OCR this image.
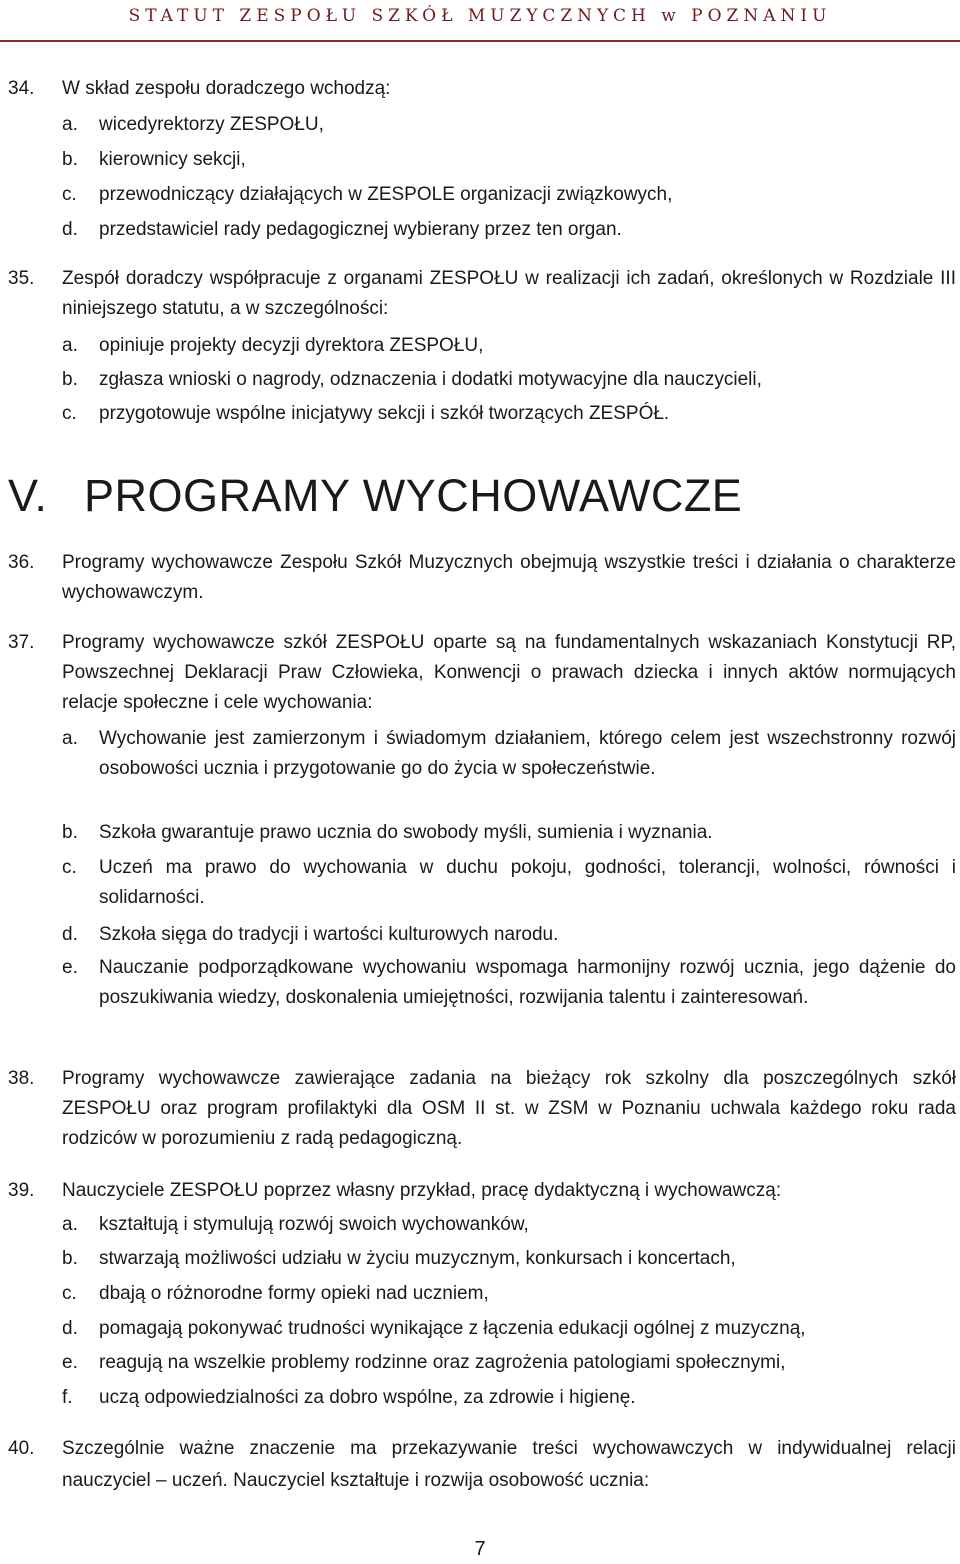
STATUT ZESPOŁU SZKÓŁ MUZYCZNYCH w POZNANIU
34. W skład zespołu doradczego wchodzą:
a. wicedyrektorzy ZESPOŁU,
b. kierownicy sekcji,
c. przewodniczący działających w ZESPOLE organizacji związkowych,
d. przedstawiciel rady pedagogicznej wybierany przez ten organ.
35. Zespół doradczy współpracuje z organami ZESPOŁU w realizacji ich zadań, określonych w Rozdziale III niniejszego statutu, a w szczególności:
a. opiniuje projekty decyzji dyrektora ZESPOŁU,
b. zgłasza wnioski o nagrody, odznaczenia i dodatki motywacyjne dla nauczycieli,
c. przygotowuje wspólne inicjatywy sekcji i szkół tworzących ZESPÓŁ.
V. PROGRAMY WYCHOWAWCZE
36. Programy wychowawcze Zespołu Szkół Muzycznych obejmują wszystkie treści i działania o charakterze wychowawczym.
37. Programy wychowawcze szkół ZESPOŁU oparte są na fundamentalnych wskazaniach Konstytucji RP, Powszechnej Deklaracji Praw Człowieka, Konwencji o prawach dziecka i innych aktów normujących relacje społeczne i cele wychowania:
a. Wychowanie jest zamierzonym i świadomym działaniem, którego celem jest wszechstronny rozwój osobowości ucznia i przygotowanie go do życia w społeczeństwie.
b. Szkoła gwarantuje prawo ucznia do swobody myśli, sumienia i wyznania.
c. Uczeń ma prawo do wychowania w duchu pokoju, godności, tolerancji, wolności, równości i solidarności.
d. Szkoła sięga do tradycji i wartości kulturowych narodu.
e. Nauczanie podporządkowane wychowaniu wspomaga harmonijny rozwój ucznia, jego dążenie do poszukiwania wiedzy, doskonalenia umiejętności, rozwijania talentu i zainteresowań.
38. Programy wychowawcze zawierające zadania na bieżący rok szkolny dla poszczególnych szkół ZESPOŁU oraz program profilaktyki dla OSM II st. w ZSM w Poznaniu uchwala każdego roku rada rodziców w porozumieniu z radą pedagogiczną.
39. Nauczyciele ZESPOŁU poprzez własny przykład, pracę dydaktyczną i wychowawczą:
a. kształtują i stymulują rozwój swoich wychowanków,
b. stwarzają możliwości udziału w życiu muzycznym, konkursach i koncertach,
c. dbają o różnorodne formy opieki nad uczniem,
d. pomagają pokonywać trudności wynikające z łączenia edukacji ogólnej z muzyczną,
e. reagują na wszelkie problemy rodzinne oraz zagrożenia patologiami społecznymi,
f. uczą odpowiedzialności za dobro wspólne, za zdrowie i higienę.
40. Szczególnie ważne znaczenie ma przekazywanie treści wychowawczych w indywidualnej relacji nauczyciel – uczeń. Nauczyciel kształtuje i rozwija osobowość ucznia:
7
